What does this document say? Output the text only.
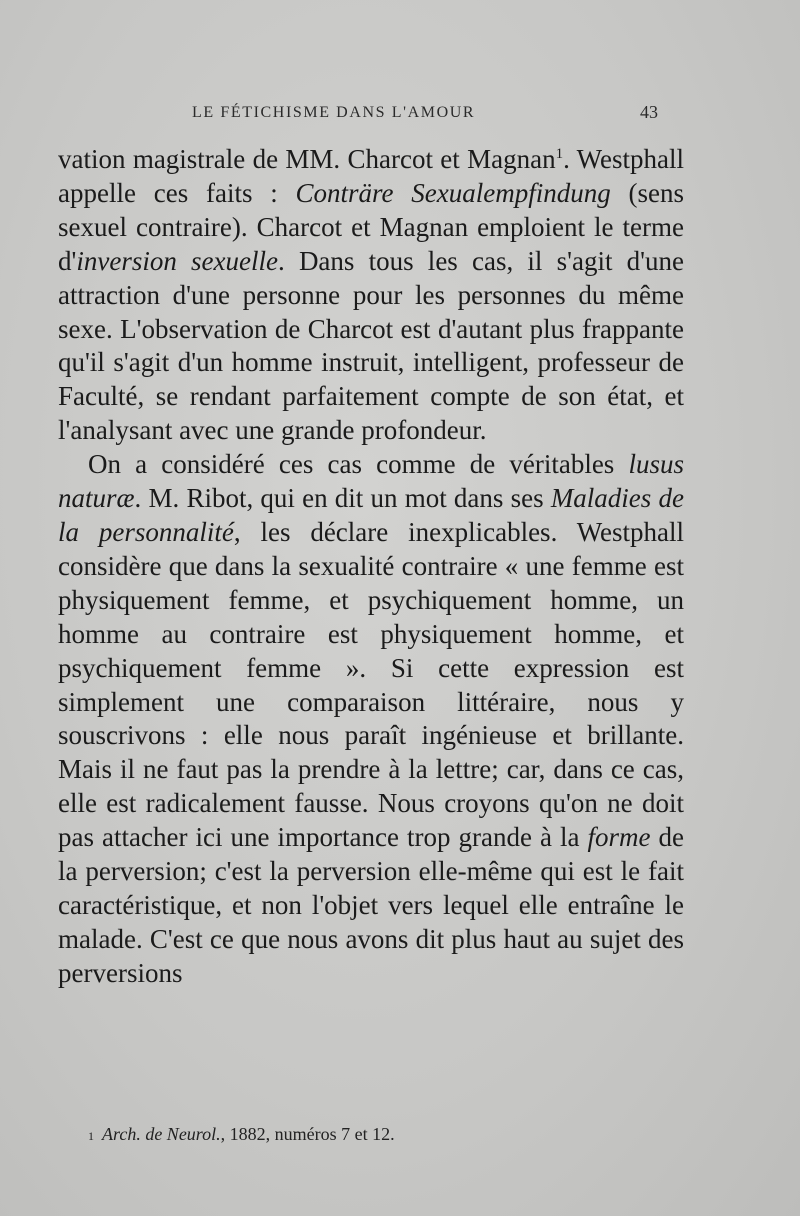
LE FÉTICHISME DANS L'AMOUR	43

vation magistrale de MM. Charcot et Magnan$^1$. Westphall appelle ces faits : Conträre Sexualempfindung (sens sexuel contraire). Charcot et Magnan emploient le terme d'inversion sexuelle. Dans tous les cas, il s'agit d'une attraction d'une personne pour les personnes du même sexe. L'observation de Charcot est d'autant plus frappante qu'il s'agit d'un homme instruit, intelligent, professeur de Faculté, se rendant parfaitement compte de son état, et l'analysant avec une grande profondeur.

On a considéré ces cas comme de véritables lusus naturæ. M. Ribot, qui en dit un mot dans ses Maladies de la personnalité, les déclare inexplicables. Westphall considère que dans la sexualité contraire « une femme est physiquement femme, et psychiquement homme, un homme au contraire est physiquement homme, et psychiquement femme ». Si cette expression est simplement une comparaison littéraire, nous y souscrivons : elle nous paraît ingénieuse et brillante. Mais il ne faut pas la prendre à la lettre; car, dans ce cas, elle est radicalement fausse. Nous croyons qu'on ne doit pas attacher ici une importance trop grande à la forme de la perversion; c'est la perversion elle-même qui est le fait caractéristique, et non l'objet vers lequel elle entraîne le malade. C'est ce que nous avons dit plus haut au sujet des perversions

1 Arch. de Neurol., 1882, numéros 7 et 12.
